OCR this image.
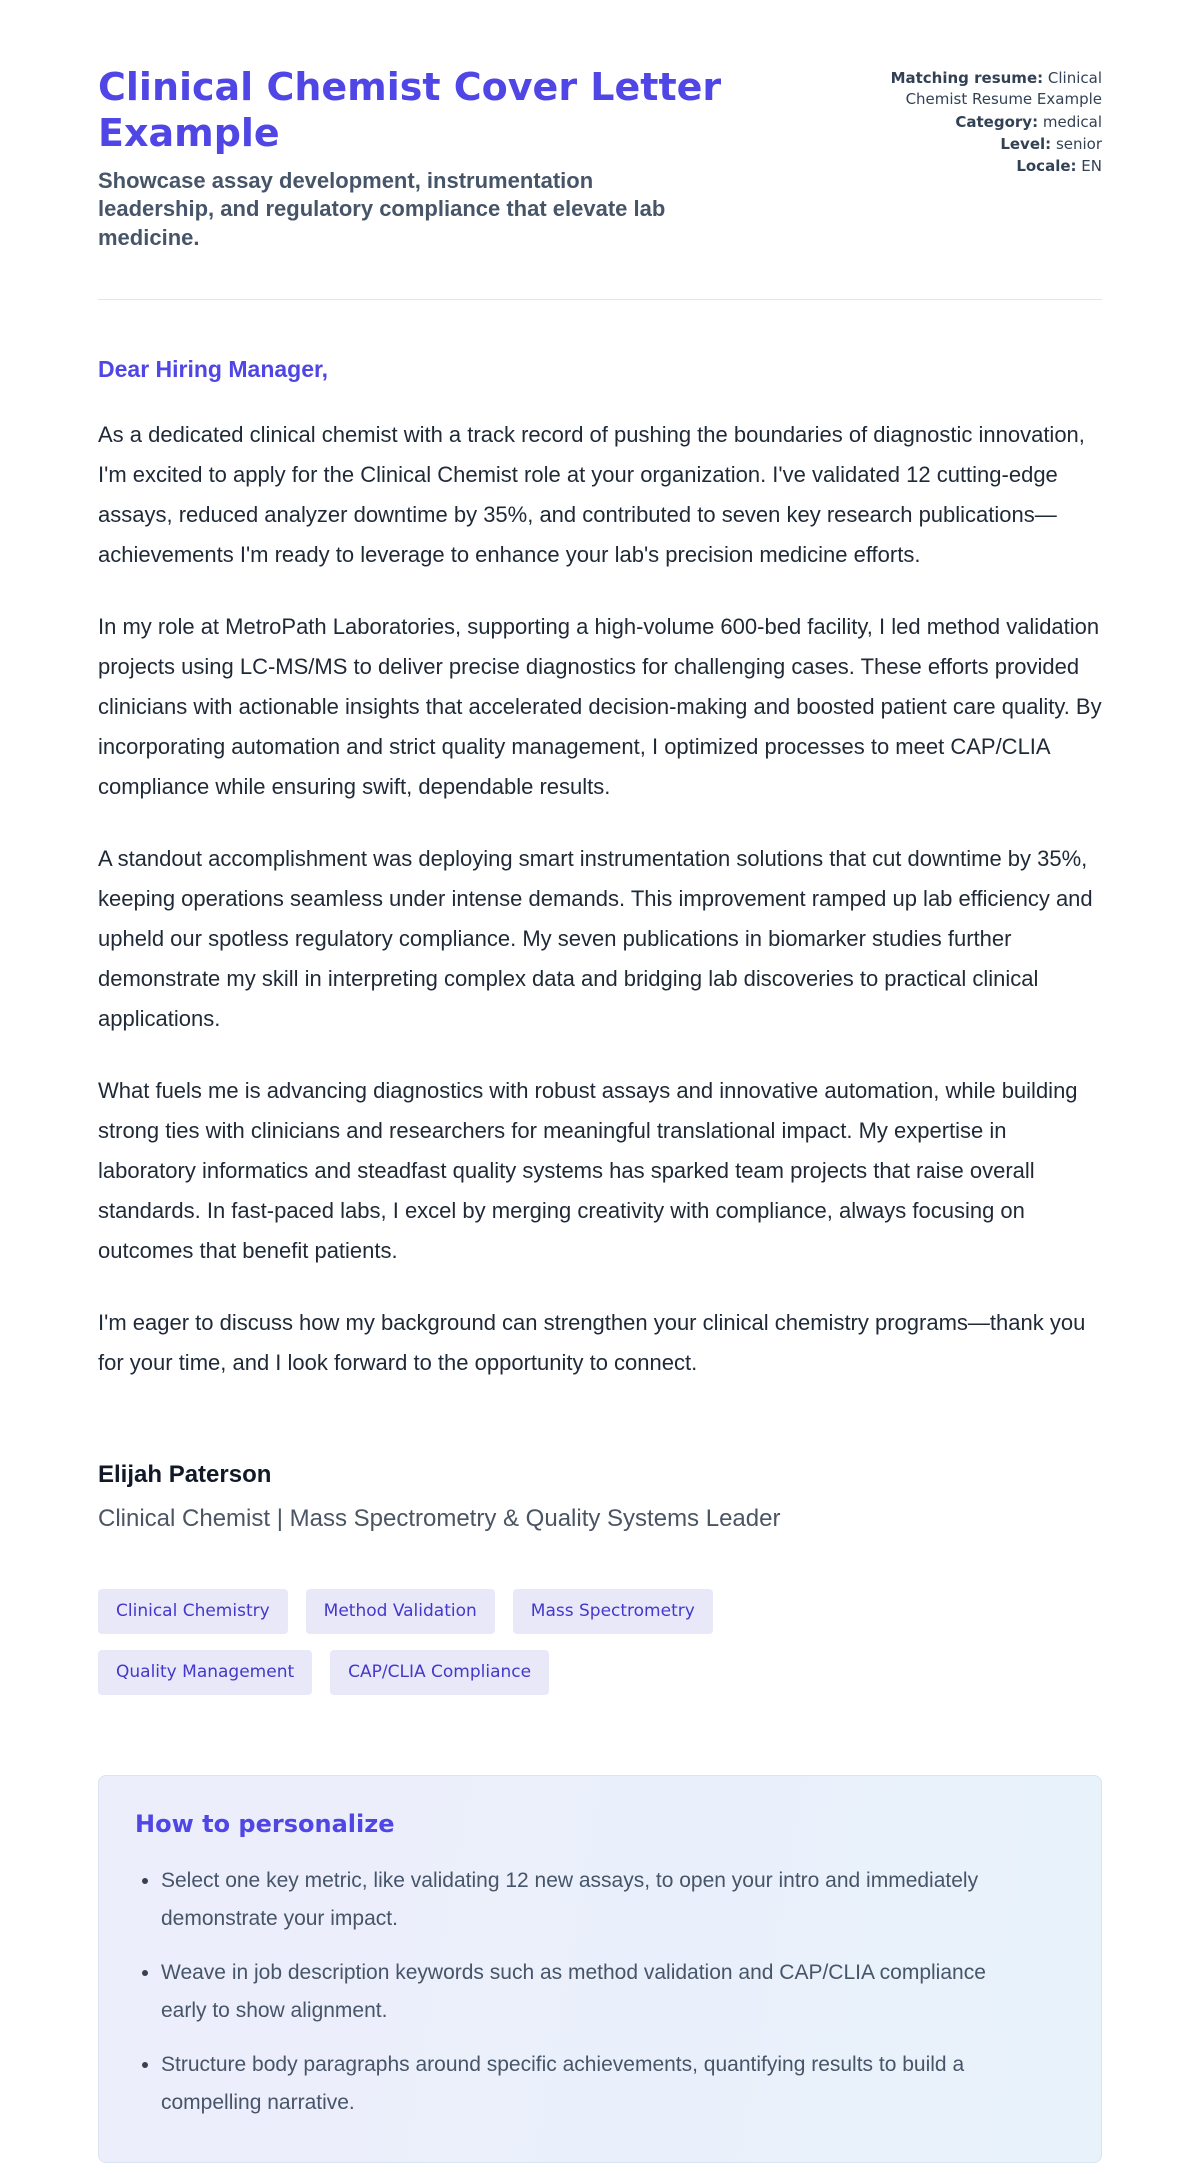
Clinical Chemist Cover Letter Example
Showcase assay development, instrumentation leadership, and regulatory compliance that elevate lab medicine.
Matching resume: Clinical Chemist Resume Example
Category: medical
Level: senior
Locale: EN
Dear Hiring Manager,

As a dedicated clinical chemist with a track record of pushing the boundaries of diagnostic innovation, I'm excited to apply for the Clinical Chemist role at your organization. I've validated 12 cutting-edge assays, reduced analyzer downtime by 35%, and contributed to seven key research publications—achievements I'm ready to leverage to enhance your lab's precision medicine efforts.

In my role at MetroPath Laboratories, supporting a high-volume 600-bed facility, I led method validation projects using LC-MS/MS to deliver precise diagnostics for challenging cases. These efforts provided clinicians with actionable insights that accelerated decision-making and boosted patient care quality. By incorporating automation and strict quality management, I optimized processes to meet CAP/CLIA compliance while ensuring swift, dependable results.

A standout accomplishment was deploying smart instrumentation solutions that cut downtime by 35%, keeping operations seamless under intense demands. This improvement ramped up lab efficiency and upheld our spotless regulatory compliance. My seven publications in biomarker studies further demonstrate my skill in interpreting complex data and bridging lab discoveries to practical clinical applications.

What fuels me is advancing diagnostics with robust assays and innovative automation, while building strong ties with clinicians and researchers for meaningful translational impact. My expertise in laboratory informatics and steadfast quality systems has sparked team projects that raise overall standards. In fast-paced labs, I excel by merging creativity with compliance, always focusing on outcomes that benefit patients.

I'm eager to discuss how my background can strengthen your clinical chemistry programs—thank you for your time, and I look forward to the opportunity to connect.

Elijah Paterson
Clinical Chemist | Mass Spectrometry & Quality Systems Leader
Clinical Chemistry	Method Validation	Mass Spectrometry
Quality Management	CAP/CLIA Compliance
How to personalize
• Select one key metric, like validating 12 new assays, to open your intro and immediately demonstrate your impact.
• Weave in job description keywords such as method validation and CAP/CLIA compliance early to show alignment.
• Structure body paragraphs around specific achievements, quantifying results to build a compelling narrative.
